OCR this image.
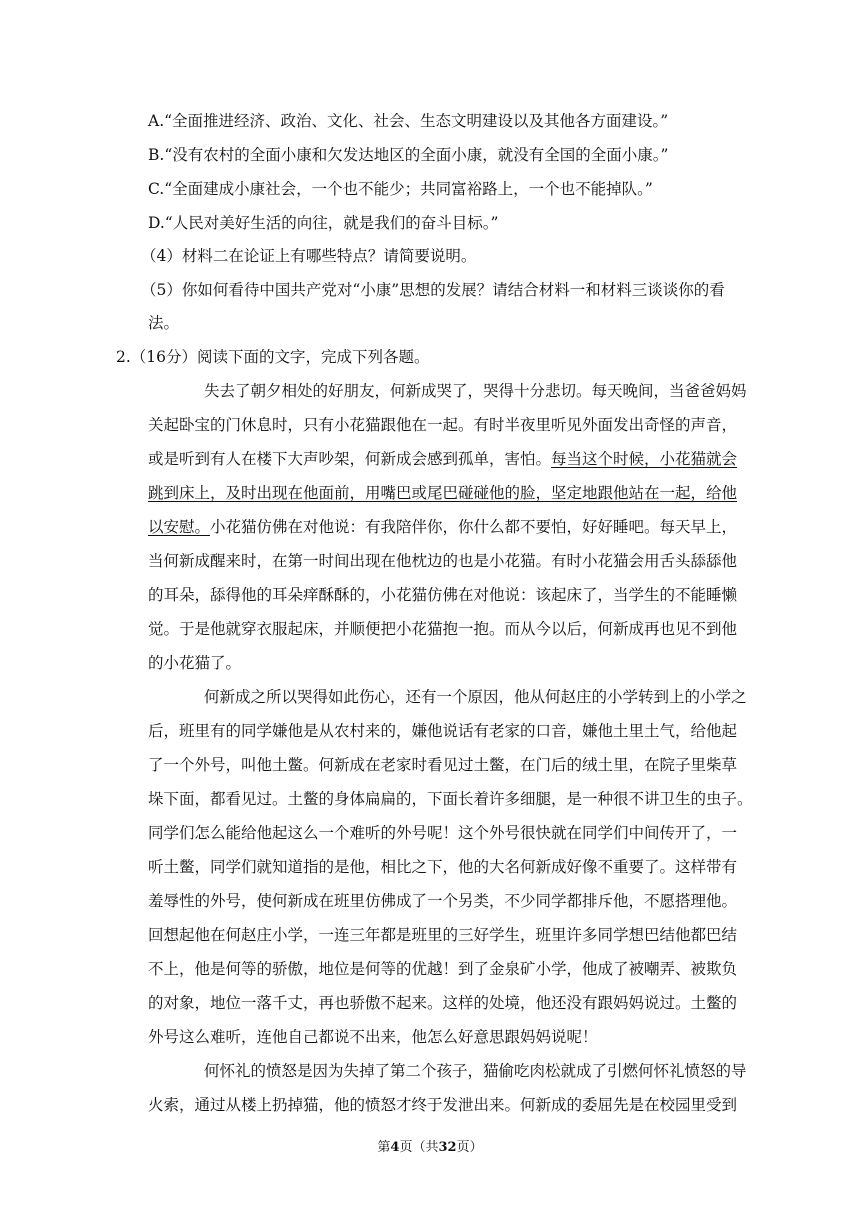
A.“全面推进经济、政治、文化、社会、生态文明建设以及其他各方面建设。”
B.“没有农村的全面小康和欠发达地区的全面小康，就没有全国的全面小康。”
C.“全面建成小康社会，一个也不能少；共同富裕路上，一个也不能掉队。”
D.“人民对美好生活的向往，就是我们的奋斗目标。”
（4）材料二在论证上有哪些特点？请简要说明。
（5）你如何看待中国共产党对“小康”思想的发展？请结合材料一和材料三谈谈你的看
法。
2.（16分）阅读下面的文字，完成下列各题。
失去了朝夕相处的好朋友，何新成哭了，哭得十分悲切。每天晚间，当爸爸妈妈
关起卧宝的门休息时，只有小花猫跟他在一起。有时半夜里听见外面发出奇怪的声音，
或是听到有人在楼下大声吵架，何新成会感到孤单，害怕。每当这个时候，小花猫就会
跳到床上，及时出现在他面前，用嘴巴或尾巴碰碰他的脸，坚定地跟他站在一起，给他
以安慰。小花猫仿佛在对他说：有我陪伴你，你什么都不要怕，好好睡吧。每天早上，
当何新成醒来时，在第一时间出现在他枕边的也是小花猫。有时小花猫会用舌头舔舔他
的耳朵，舔得他的耳朵痒酥酥的，小花猫仿佛在对他说：该起床了，当学生的不能睡懒
觉。于是他就穿衣服起床，并顺便把小花猫抱一抱。而从今以后，何新成再也见不到他
的小花猫了。
何新成之所以哭得如此伤心，还有一个原因，他从何赵庄的小学转到上的小学之
后，班里有的同学嫌他是从农村来的，嫌他说话有老家的口音，嫌他土里土气，给他起
了一个外号，叫他土鳖。何新成在老家时看见过土鳖，在门后的绒土里，在院子里柴草
垛下面，都看见过。土鳖的身体扁扁的，下面长着许多细腿，是一种很不讲卫生的虫子。
同学们怎么能给他起这么一个难听的外号呢！这个外号很快就在同学们中间传开了，一
听土鳖，同学们就知道指的是他，相比之下，他的大名何新成好像不重要了。这样带有
羞辱性的外号，使何新成在班里仿佛成了一个另类，不少同学都排斥他，不愿搭理他。
回想起他在何赵庄小学，一连三年都是班里的三好学生，班里许多同学想巴结他都巴结
不上，他是何等的骄傲，地位是何等的优越！到了金泉矿小学，他成了被嘲弄、被欺负
的对象，地位一落千丈，再也骄傲不起来。这样的处境，他还没有跟妈妈说过。土鳖的
外号这么难听，连他自己都说不出来，他怎么好意思跟妈妈说呢！
何怀礼的愤怒是因为失掉了第二个孩子，猫偷吃肉松就成了引燃何怀礼愤怒的导
火索，通过从楼上扔掉猫，他的愤怒才终于发泄出来。何新成的委屈先是在校园里受到
第4页（共32页）
